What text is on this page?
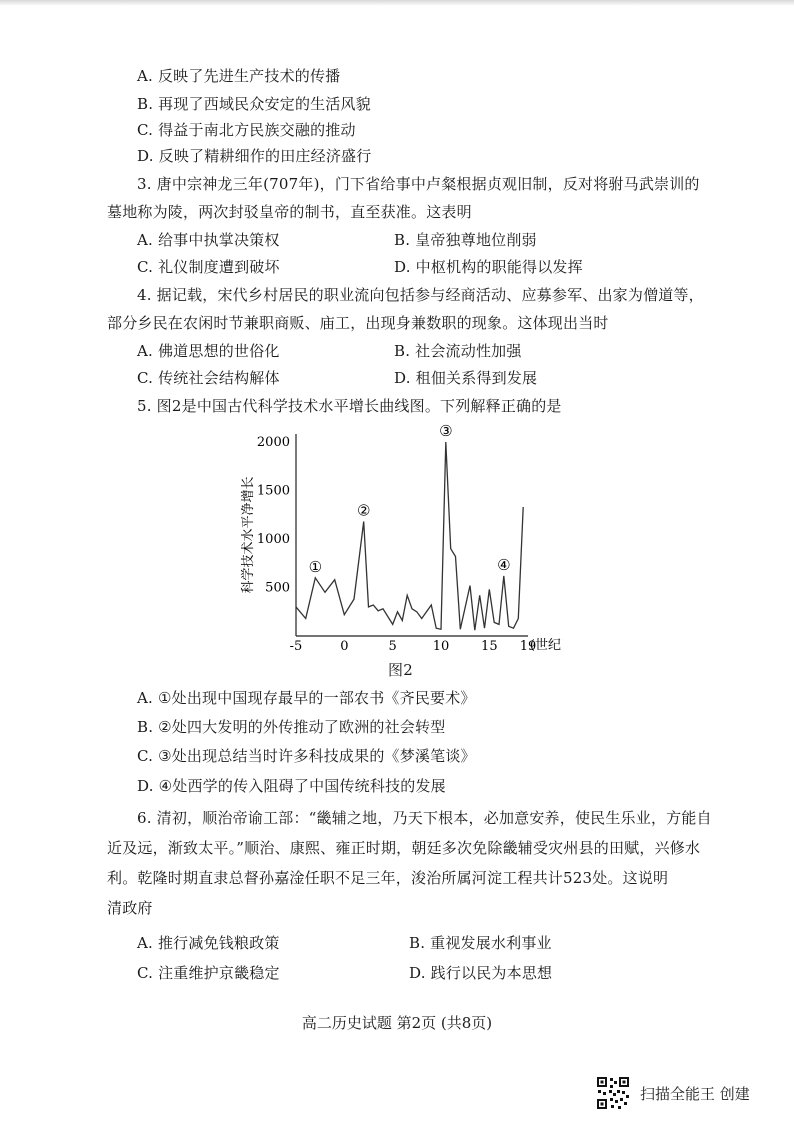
A. 反映了先进生产技术的传播
B. 再现了西域民众安定的生活风貌
C. 得益于南北方民族交融的推动
D. 反映了精耕细作的田庄经济盛行
3. 唐中宗神龙三年(707年)，门下省给事中卢粲根据贞观旧制，反对将驸马武崇训的
墓地称为陵，两次封驳皇帝的制书，直至获准。这表明
A. 给事中执掌决策权	B. 皇帝独尊地位削弱
C. 礼仪制度遭到破坏	D. 中枢机构的职能得以发挥
4. 据记载，宋代乡村居民的职业流向包括参与经商活动、应募参军、出家为僧道等，
部分乡民在农闲时节兼职商贩、庙工，出现身兼数职的现象。这体现出当时
A. 佛道思想的世俗化	B. 社会流动性加强
C. 传统社会结构解体	D. 租佃关系得到发展
5. 图2是中国古代科学技术水平增长曲线图。下列解释正确的是
科学技术水平净增长
(世纪
-5	0	5	10 15 19
500
1000
1500
2000
①
②
③
④
图2
A. ①处出现中国现存最早的一部农书《齐民要术》
B. ②处四大发明的外传推动了欧洲的社会转型
C. ③处出现总结当时许多科技成果的《梦溪笔谈》
D. ④处西学的传入阻碍了中国传统科技的发展
6. 清初，顺治帝谕工部：“畿辅之地，乃天下根本，必加意安养，使民生乐业，方能自
近及远，渐致太平。”顺治、康熙、雍正时期，朝廷多次免除畿辅受灾州县的田赋，兴修水
利。乾隆时期直隶总督孙嘉淦任职不足三年，浚治所属河淀工程共计523处。这说明
清政府
A. 推行减免钱粮政策	B. 重视发展水利事业
C. 注重维护京畿稳定	D. 践行以民为本思想
高二历史试题 第2页 (共8页)
扫描全能王 创建
